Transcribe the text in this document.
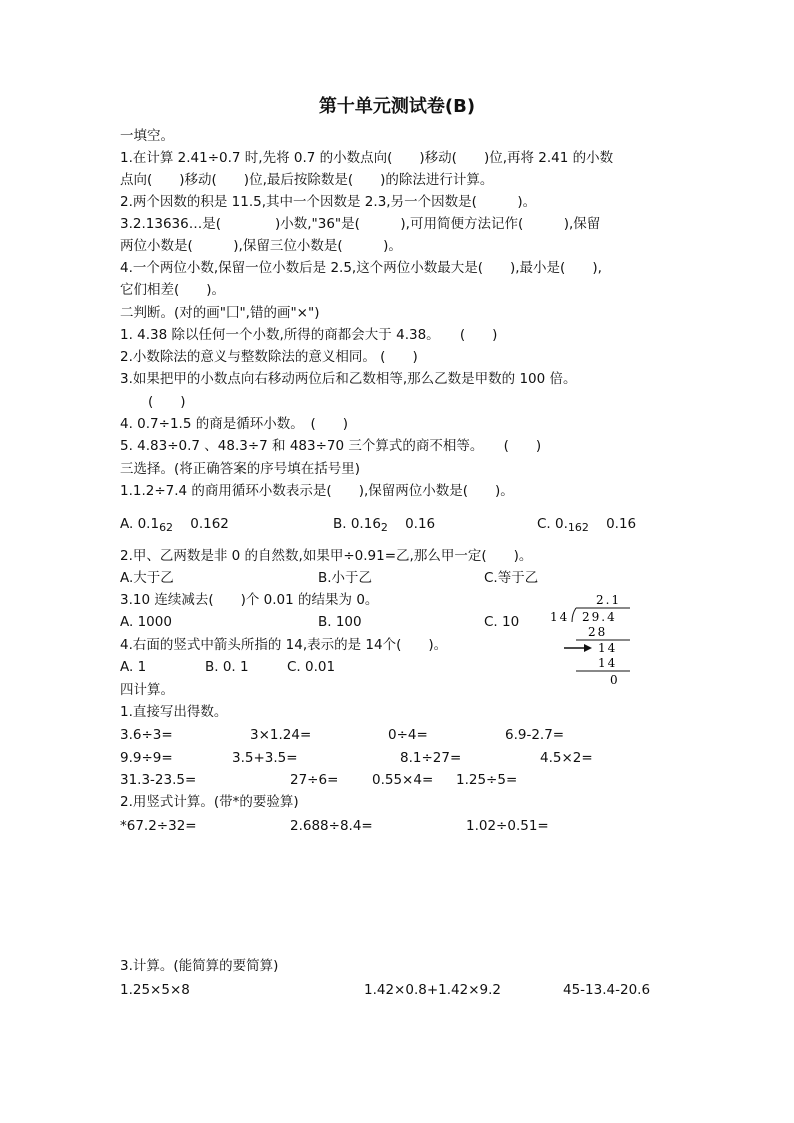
第十单元测试卷(B)
一填空。
1.在计算 2.41÷0.7 时,先将 0.7 的小数点向(　　)移动(　　)位,再将 2.41 的小数
点向(　　)移动(　　)位,最后按除数是(　　)的除法进行计算。
2.两个因数的积是 11.5,其中一个因数是 2.3,另一个因数是(　　　)。
3.2.13636…是(　　　　)小数,"36"是(　　　),可用简便方法记作(　　　),保留
两位小数是(　　　),保留三位小数是(　　　)。
4.一个两位小数,保留一位小数后是 2.5,这个两位小数最大是(　　),最小是(　　),
它们相差(　　)。
二判断。(对的画"囗",错的画"×")
1. 4.38 除以任何一个小数,所得的商都会大于 4.38。　　(　　)
2.小数除法的意义与整数除法的意义相同。 (　　)
3.如果把甲的小数点向右移动两位后和乙数相等,那么乙数是甲数的 100 倍。
(　　)
4. 0.7÷1.5 的商是循环小数。　(　　)
5. 4.83÷0.7 、48.3÷7 和 483÷70 三个算式的商不相等。　　(　　)
三选择。(将正确答案的序号填在括号里)
1.1.2÷7.4 的商用循环小数表示是(　　),保留两位小数是(　　)。
A. $0.1_{62}$ 0.162	B. $0.16_2$ 0.16	C. $0._{162}$ 0.16
2.甲、乙两数是非 0 的自然数,如果甲÷0.91=乙,那么甲一定(　　)。
A.大于乙	B.小于乙	C.等于乙
3.10 连续减去(　　)个 0.01 的结果为 0。
A. 1000	B. 100	C. 10
4.右面的竖式中箭头所指的 14,表示的是 14个(　　)。
A. 1	B. 0. 1	C. 0.01
2.1
14 29.4
28
14
14
0
四计算。
1.直接写出得数。
3.6÷3=	3×1.24=	0÷4=	6.9-2.7=
9.9÷9=	3.5+3.5=	8.1÷27=	4.5×2=
31.3-23.5=	27÷6= 0.55×4= 1.25÷5=
2.用竖式计算。(带*的要验算)
*67.2÷32=	2.688÷8.4=	1.02÷0.51=
3.计算。(能简算的要简算)
1.25×5×8	1.42×0.8+1.42×9.2	45-13.4-20.6
